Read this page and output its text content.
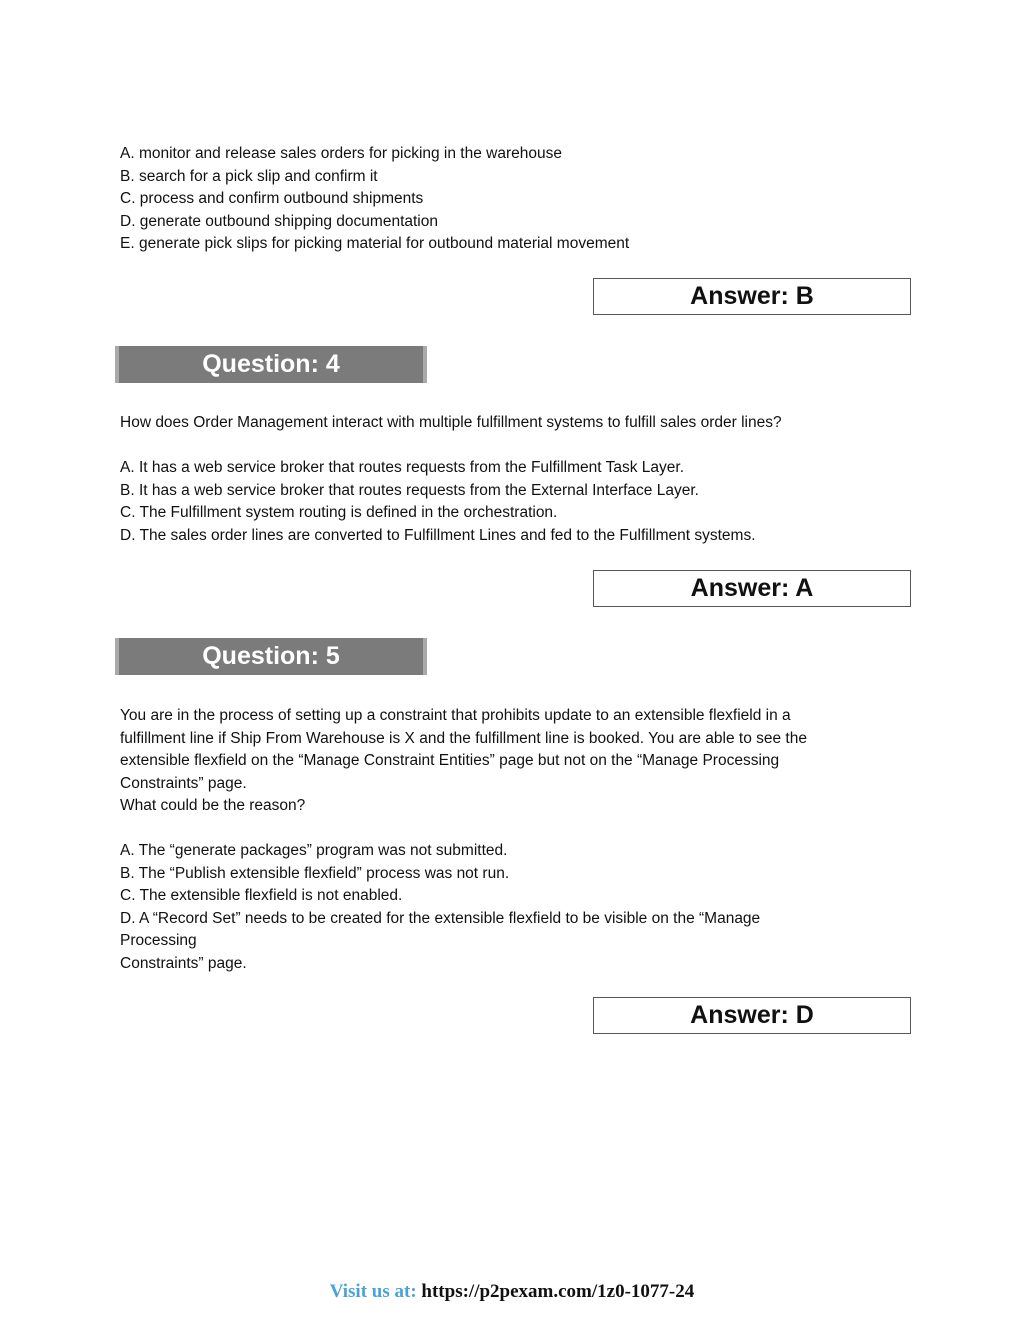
A. monitor and release sales orders for picking in the warehouse
B. search for a pick slip and confirm it
C. process and confirm outbound shipments
D. generate outbound shipping documentation
E. generate pick slips for picking material for outbound material movement
Answer: B
Question: 4
How does Order Management interact with multiple fulfillment systems to fulfill sales order lines?
A. It has a web service broker that routes requests from the Fulfillment Task Layer.
B. It has a web service broker that routes requests from the External Interface Layer.
C. The Fulfillment system routing is defined in the orchestration.
D. The sales order lines are converted to Fulfillment Lines and fed to the Fulfillment systems.
Answer: A
Question: 5
You are in the process of setting up a constraint that prohibits update to an extensible flexfield in a
fulfillment line if Ship From Warehouse is X and the fulfillment line is booked. You are able to see the
extensible flexfield on the “Manage Constraint Entities” page but not on the “Manage Processing
Constraints” page.
What could be the reason?
A. The “generate packages” program was not submitted.
B. The “Publish extensible flexfield” process was not run.
C. The extensible flexfield is not enabled.
D. A “Record Set” needs to be created for the extensible flexfield to be visible on the “Manage
Processing
Constraints” page.
Answer: D
Visit us at: https://p2pexam.com/1z0-1077-24
